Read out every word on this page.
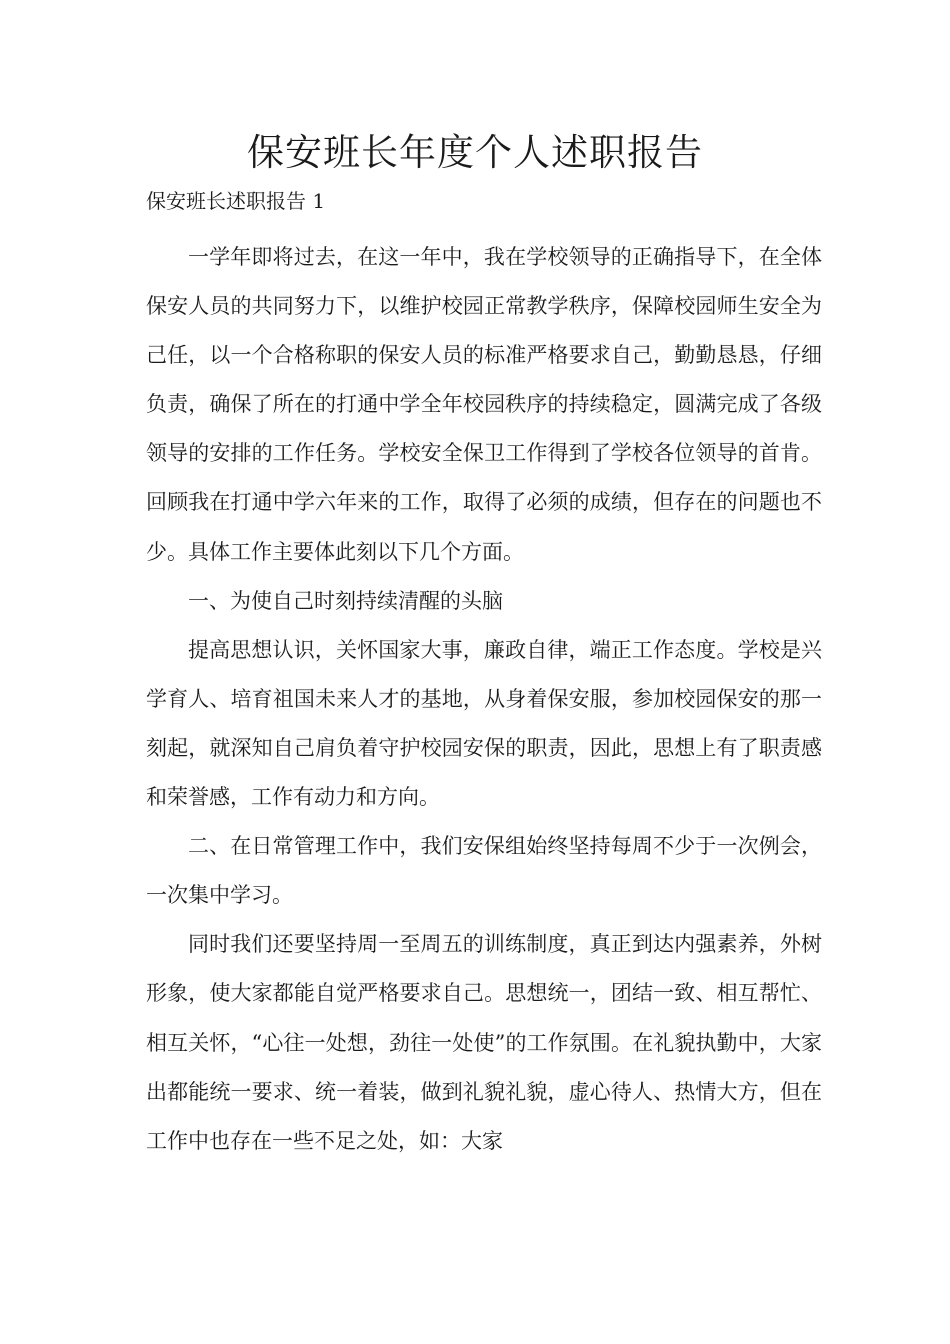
保安班长年度个人述职报告

保安班长述职报告 1

一学年即将过去，在这一年中，我在学校领导的正确指导下，在全体保安人员的共同努力下，以维护校园正常教学秩序，保障校园师生安全为己任，以一个合格称职的保安人员的标准严格要求自己，勤勤恳恳，仔细负责，确保了所在的打通中学全年校园秩序的持续稳定，圆满完成了各级领导的安排的工作任务。学校安全保卫工作得到了学校各位领导的首肯。回顾我在打通中学六年来的工作，取得了必须的成绩，但存在的问题也不少。具体工作主要体此刻以下几个方面。

一、为使自己时刻持续清醒的头脑

提高思想认识，关怀国家大事，廉政自律，端正工作态度。学校是兴学育人、培育祖国未来人才的基地，从身着保安服，参加校园保安的那一刻起，就深知自己肩负着守护校园安保的职责，因此，思想上有了职责感和荣誉感，工作有动力和方向。

二、在日常管理工作中，我们安保组始终坚持每周不少于一次例会，一次集中学习。

同时我们还要坚持周一至周五的训练制度，真正到达内强素养，外树形象，使大家都能自觉严格要求自己。思想统一，团结一致、相互帮忙、相互关怀，“心往一处想，劲往一处使”的工作氛围。在礼貌执勤中，大家出都能统一要求、统一着装，做到礼貌礼貌，虚心待人、热情大方，但在工作中也存在一些不足之处，如：大家
